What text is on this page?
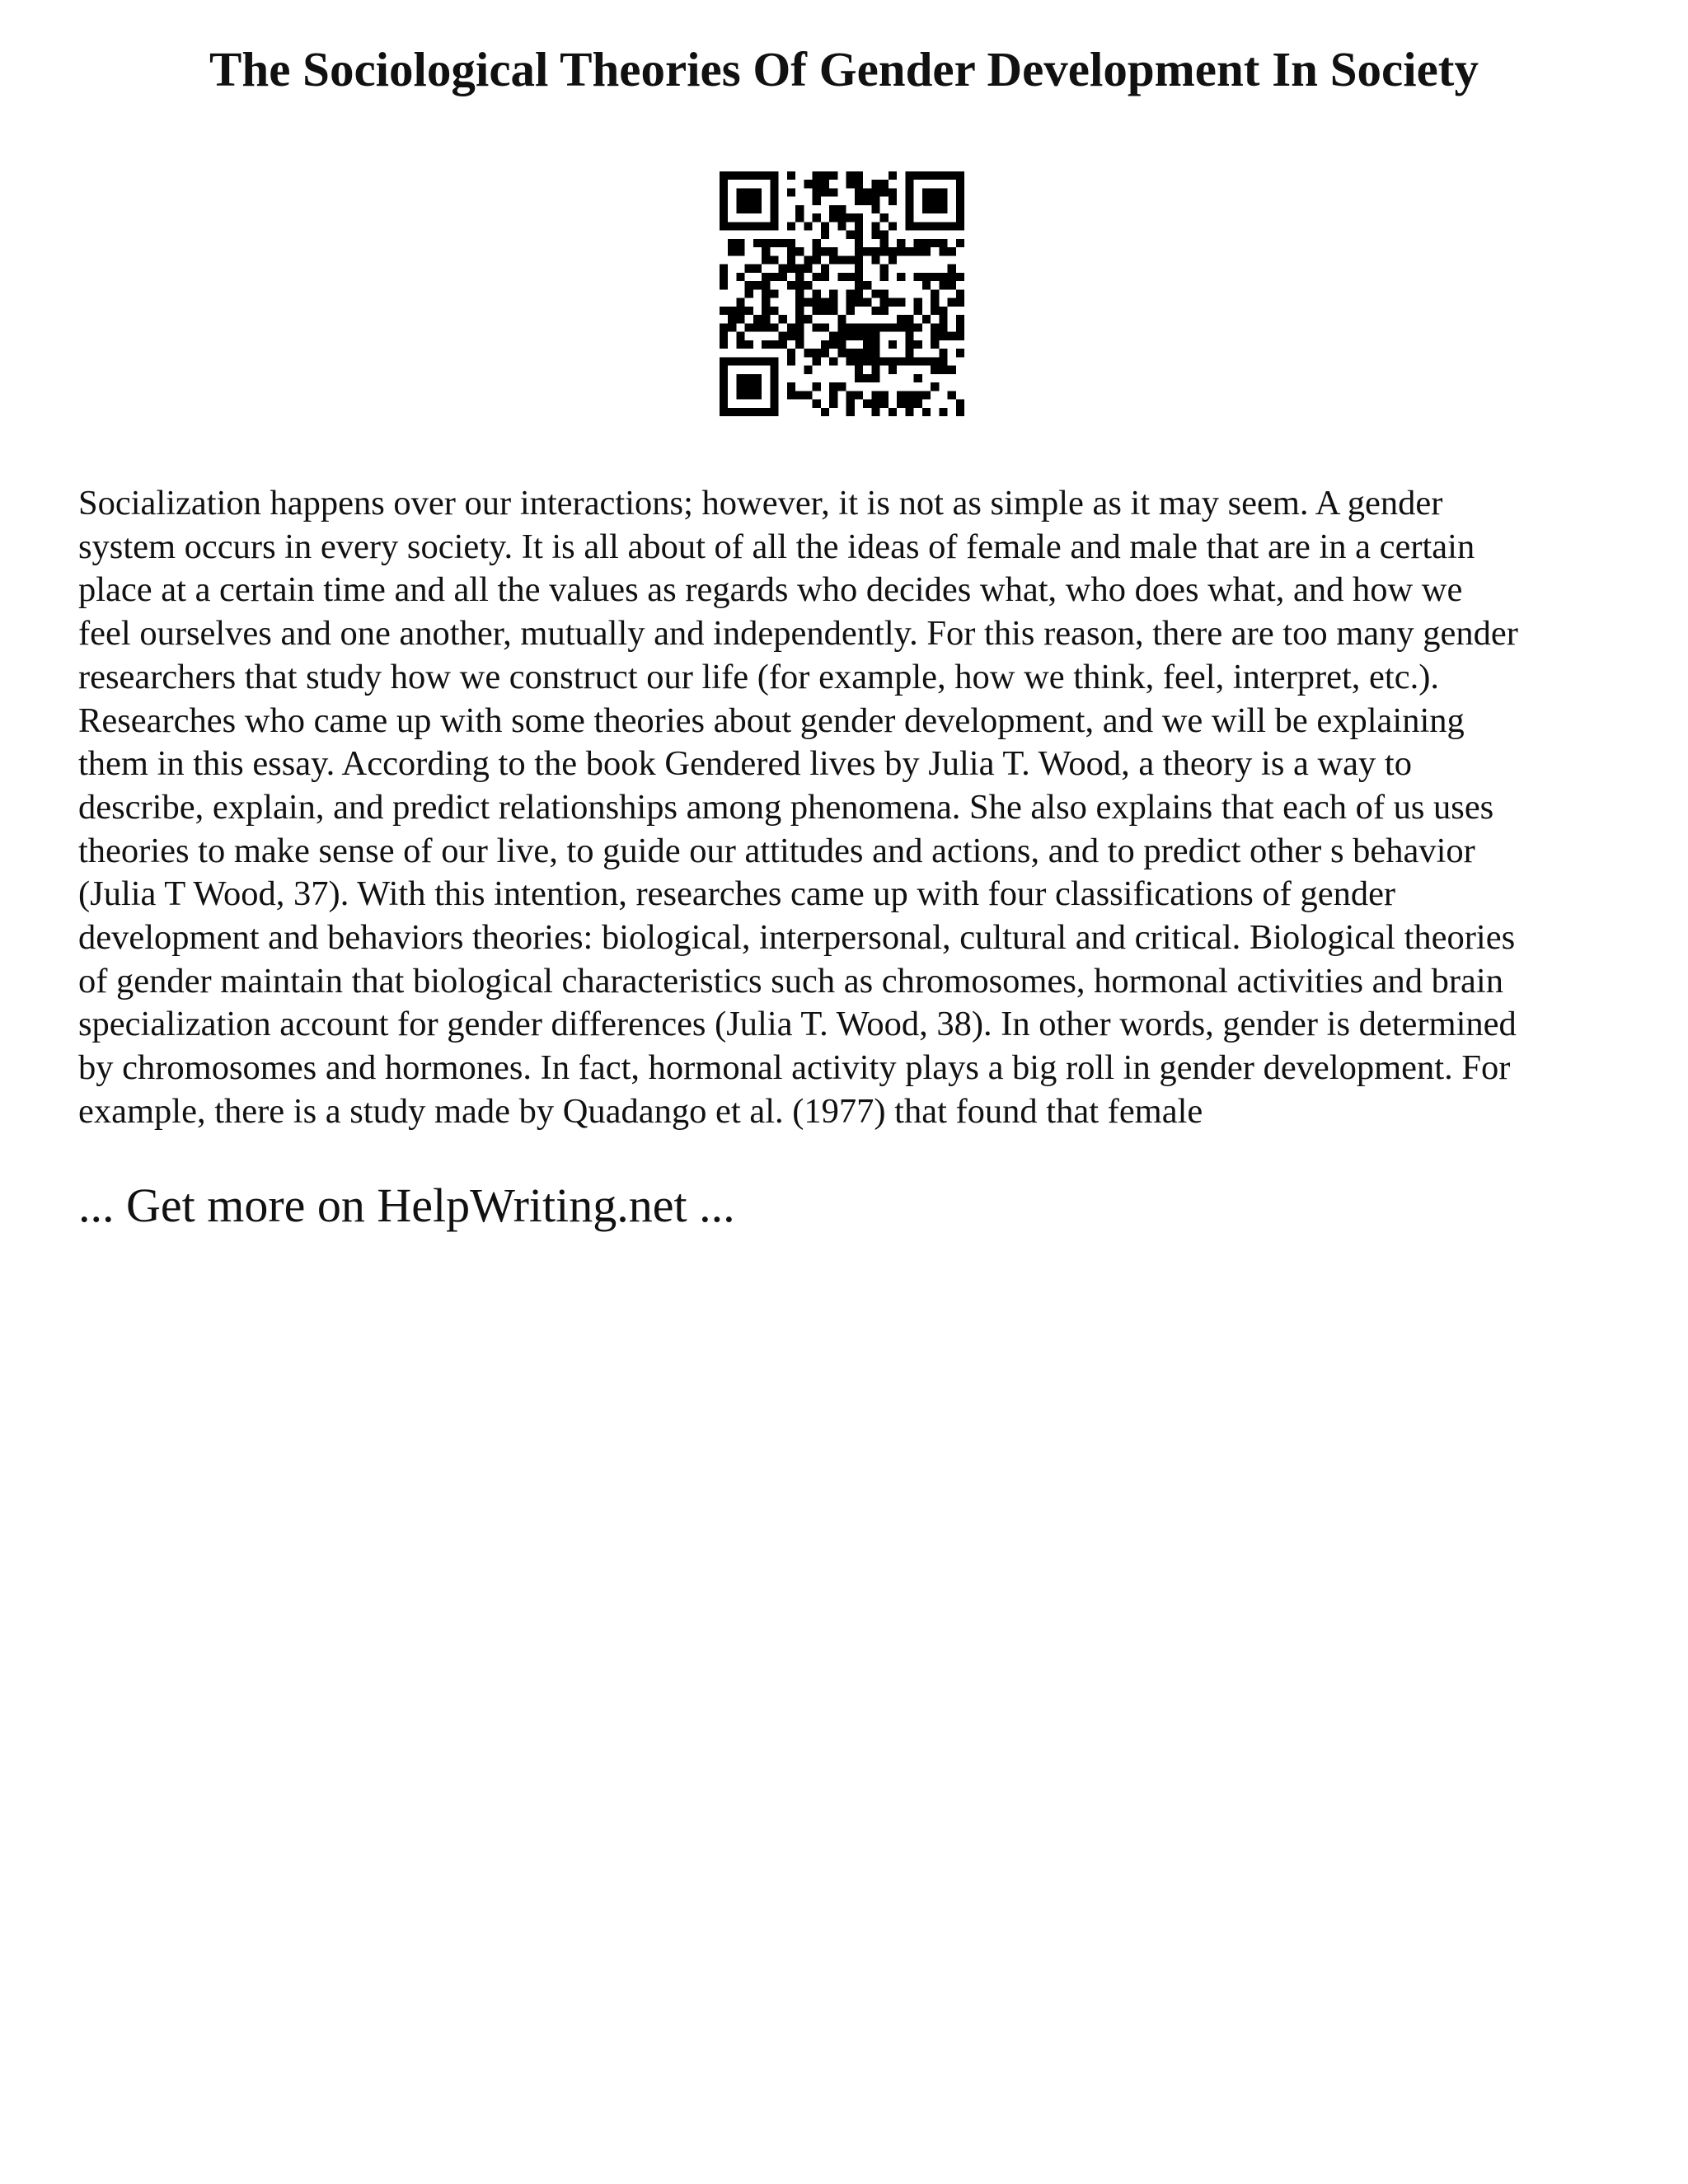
The Sociological Theories Of Gender Development In Society
Socialization happens over our interactions; however, it is not as simple as it may seem. A gender
system occurs in every society. It is all about of all the ideas of female and male that are in a certain
place at a certain time and all the values as regards who decides what, who does what, and how we
feel ourselves and one another, mutually and independently. For this reason, there are too many gender
researchers that study how we construct our life (for example, how we think, feel, interpret, etc.).
Researches who came up with some theories about gender development, and we will be explaining
them in this essay. According to the book Gendered lives by Julia T. Wood, a theory is a way to
describe, explain, and predict relationships among phenomena. She also explains that each of us uses
theories to make sense of our live, to guide our attitudes and actions, and to predict other s behavior
(Julia T Wood, 37). With this intention, researches came up with four classifications of gender
development and behaviors theories: biological, interpersonal, cultural and critical. Biological theories
of gender maintain that biological characteristics such as chromosomes, hormonal activities and brain
specialization account for gender differences (Julia T. Wood, 38). In other words, gender is determined
by chromosomes and hormones. In fact, hormonal activity plays a big roll in gender development. For
example, there is a study made by Quadango et al. (1977) that found that female
... Get more on HelpWriting.net ...
